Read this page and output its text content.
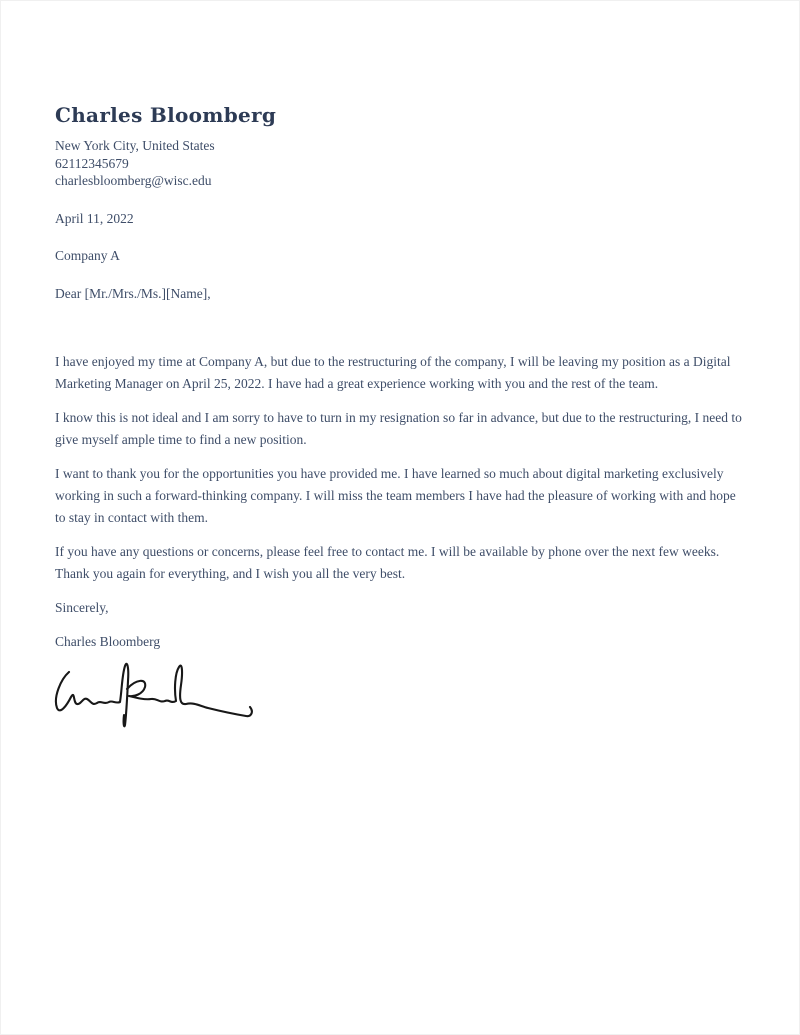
Charles Bloomberg
New York City, United States
62112345679
charlesbloomberg@wisc.edu
April 11, 2022
Company A
Dear [Mr./Mrs./Ms.][Name],

I have enjoyed my time at Company A, but due to the restructuring of the company, I will be leaving my position as a Digital Marketing Manager on April 25, 2022. I have had a great experience working with you and the rest of the team.

I know this is not ideal and I am sorry to have to turn in my resignation so far in advance, but due to the restructuring, I need to give myself ample time to find a new position.

I want to thank you for the opportunities you have provided me. I have learned so much about digital marketing exclusively working in such a forward-thinking company. I will miss the team members I have had the pleasure of working with and hope to stay in contact with them.

If you have any questions or concerns, please feel free to contact me. I will be available by phone over the next few weeks. Thank you again for everything, and I wish you all the very best.

Sincerely,
Charles Bloomberg
